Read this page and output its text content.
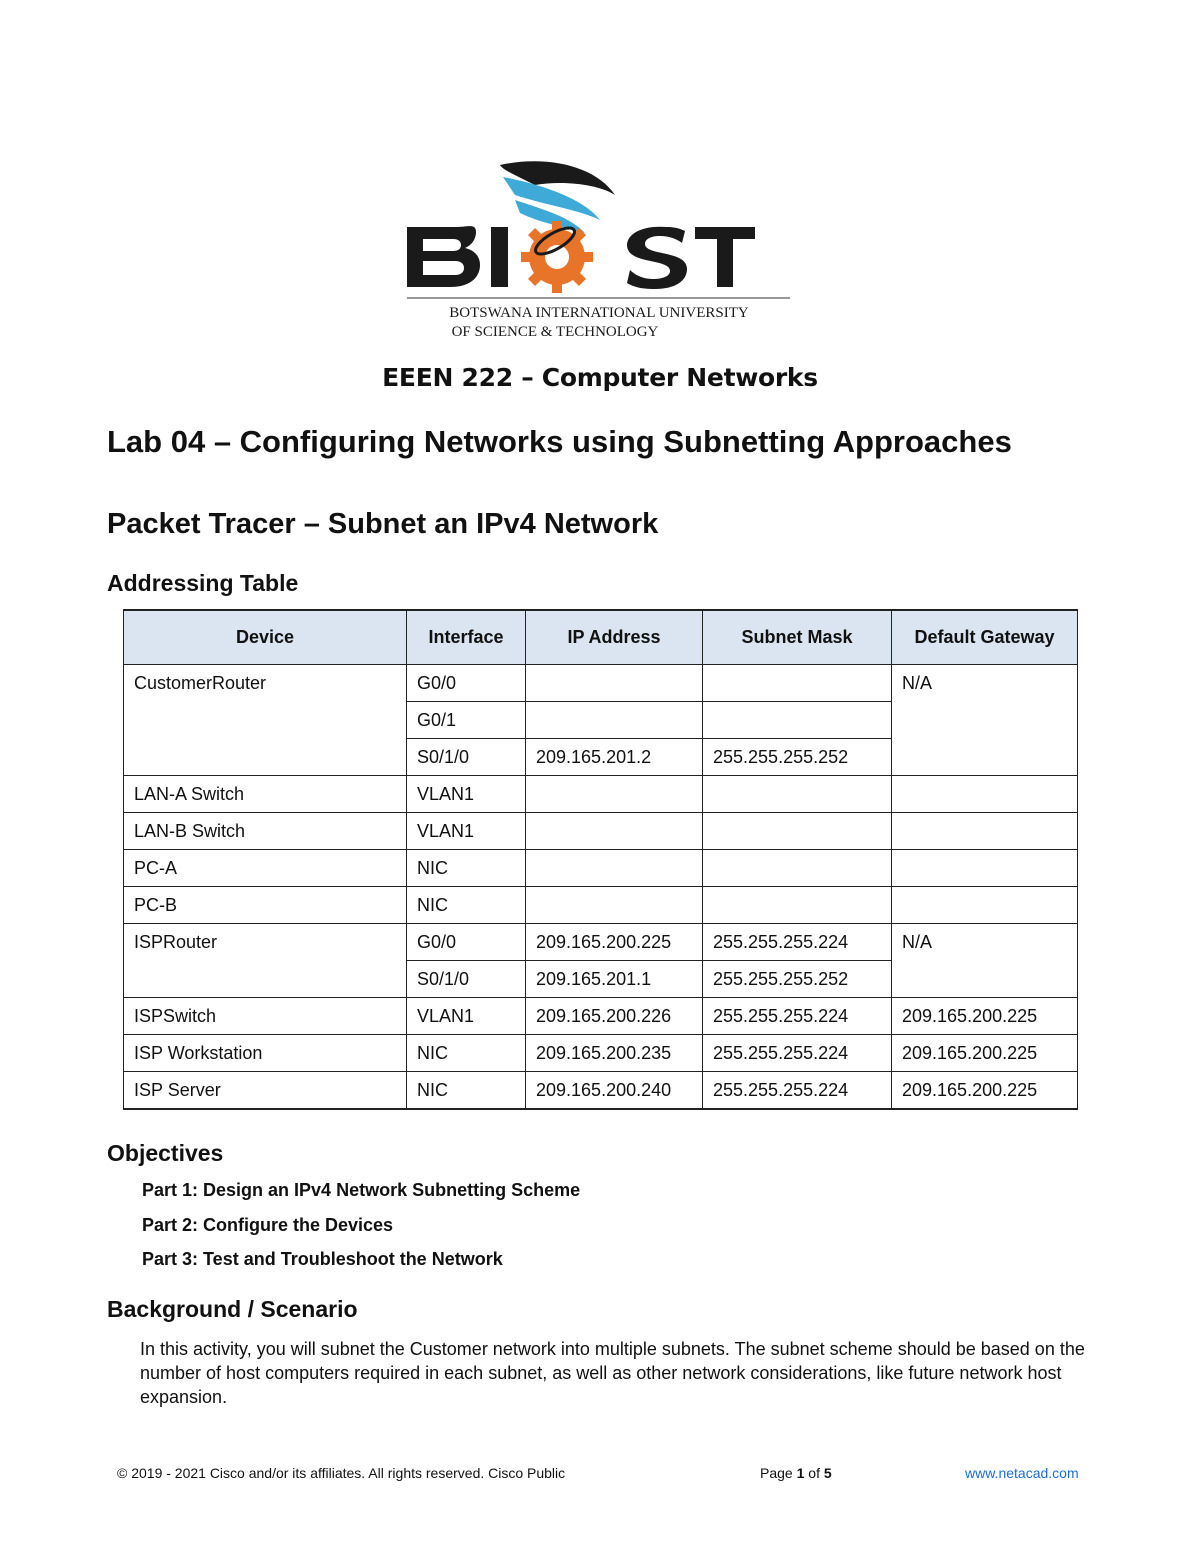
BOTSWANA INTERNATIONAL UNIVERSITY
OF SCIENCE & TECHNOLOGY
EEEN 222 – Computer Networks
Lab 04 – Configuring Networks using Subnetting Approaches
Packet Tracer – Subnet an IPv4 Network
Addressing Table
Device	Interface	IP Address	Subnet Mask	Default Gateway
CustomerRouter	G0/0			N/A
	G0/1			
	S0/1/0	209.165.201.2	255.255.255.252	
LAN-A Switch	VLAN1			
LAN-B Switch	VLAN1			
PC-A	NIC			
PC-B	NIC			
ISPRouter	G0/0	209.165.200.225	255.255.255.224	N/A
	S0/1/0	209.165.201.1	255.255.255.252	
ISPSwitch	VLAN1	209.165.200.226	255.255.255.224	209.165.200.225
ISP Workstation	NIC	209.165.200.235	255.255.255.224	209.165.200.225
ISP Server	NIC	209.165.200.240	255.255.255.224	209.165.200.225
Objectives
Part 1: Design an IPv4 Network Subnetting Scheme
Part 2: Configure the Devices
Part 3: Test and Troubleshoot the Network
Background / Scenario
In this activity, you will subnet the Customer network into multiple subnets. The subnet scheme should be based on the number of host computers required in each subnet, as well as other network considerations, like future network host expansion.
© 2019 - 2021 Cisco and/or its affiliates. All rights reserved. Cisco Public	Page 1 of 5	www.netacad.com
